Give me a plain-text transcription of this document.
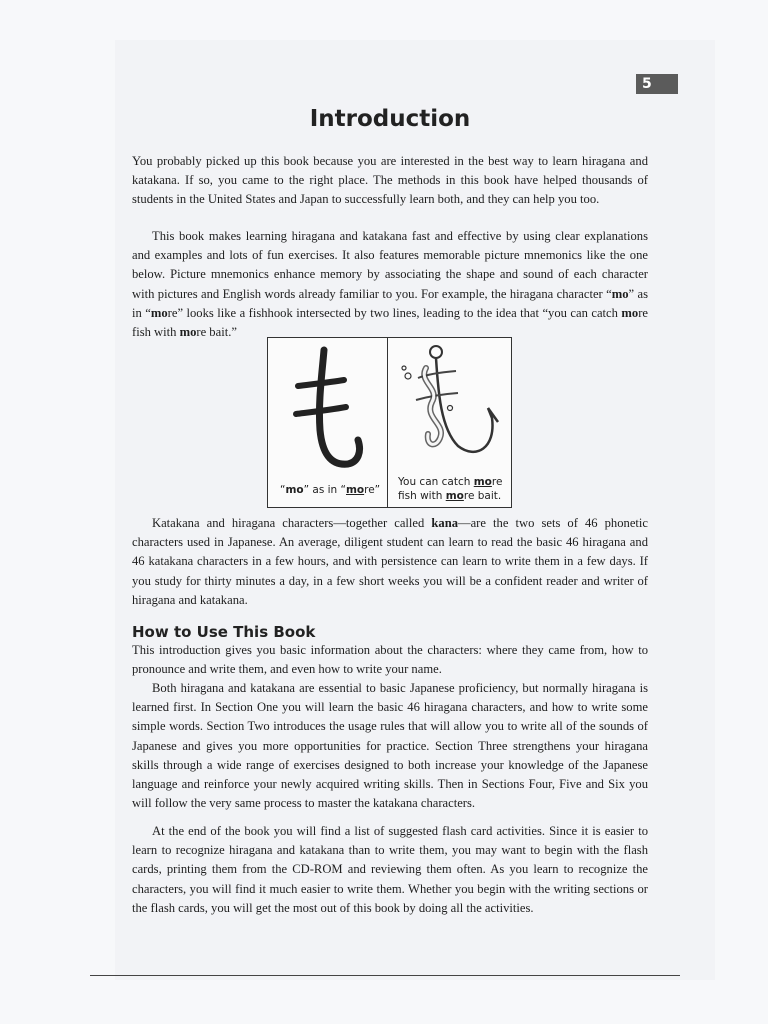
5
Introduction

You probably picked up this book because you are interested in the best way to learn hiragana and katakana. If so, you came to the right place. The methods in this book have helped thousands of students in the United States and Japan to successfully learn both, and they can help you too.

This book makes learning hiragana and katakana fast and effective by using clear explanations and examples and lots of fun exercises. It also features memorable picture mnemonics like the one below. Picture mnemonics enhance memory by associating the shape and sound of each character with pictures and English words already familiar to you. For example, the hiragana character “mo” as in “more” looks like a fishhook intersected by two lines, leading to the idea that “you can catch more fish with more bait.”

“mo” as in “more”
You can catch more
fish with more bait.

Katakana and hiragana characters—together called kana—are the two sets of 46 phonetic characters used in Japanese. An average, diligent student can learn to read the basic 46 hiragana and 46 katakana characters in a few hours, and with persistence can learn to write them in a few days. If you study for thirty minutes a day, in a few short weeks you will be a confident reader and writer of hiragana and katakana.

How to Use This Book

This introduction gives you basic information about the characters: where they came from, how to pronounce and write them, and even how to write your name.

Both hiragana and katakana are essential to basic Japanese proficiency, but normally hiragana is learned first. In Section One you will learn the basic 46 hiragana characters, and how to write some simple words. Section Two introduces the usage rules that will allow you to write all of the sounds of Japanese and gives you more opportunities for practice. Section Three strengthens your hiragana skills through a wide range of exercises designed to both increase your knowledge of the Japanese language and reinforce your newly acquired writing skills. Then in Sections Four, Five and Six you will follow the very same process to master the katakana characters.

At the end of the book you will find a list of suggested flash card activities. Since it is easier to learn to recognize hiragana and katakana than to write them, you may want to begin with the flash cards, printing them from the CD-ROM and reviewing them often. As you learn to recognize the characters, you will find it much easier to write them. Whether you begin with the writing sections or the flash cards, you will get the most out of this book by doing all the activities.
